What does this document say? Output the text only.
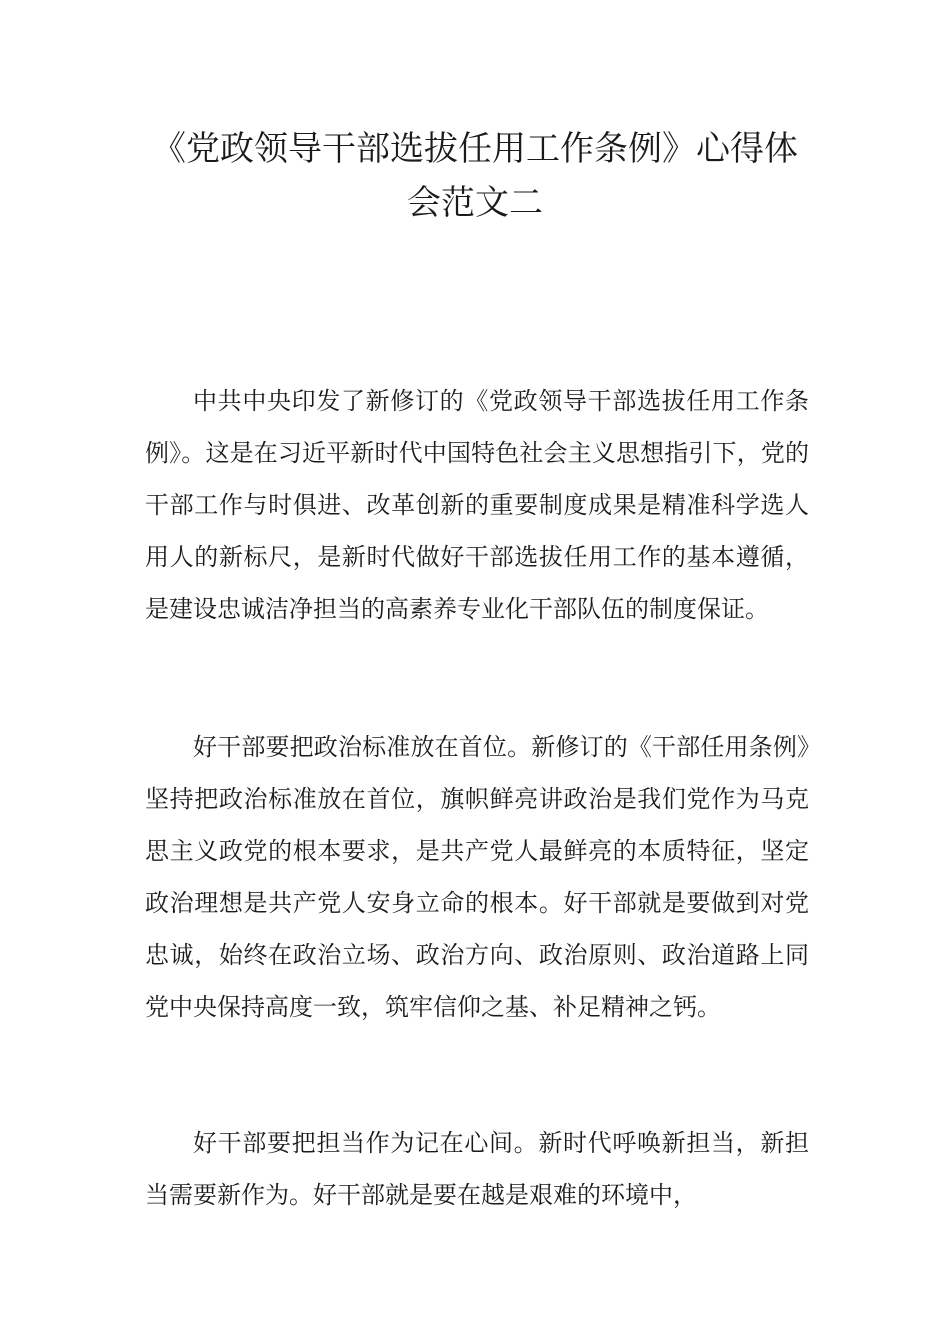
《党政领导干部选拔任用工作条例》心得体会范文二

中共中央印发了新修订的《党政领导干部选拔任用工作条例》。这是在习近平新时代中国特色社会主义思想指引下，党的干部工作与时俱进、改革创新的重要制度成果是精准科学选人用人的新标尺，是新时代做好干部选拔任用工作的基本遵循，是建设忠诚洁净担当的高素养专业化干部队伍的制度保证。

好干部要把政治标准放在首位。新修订的《干部任用条例》坚持把政治标准放在首位，旗帜鲜亮讲政治是我们党作为马克思主义政党的根本要求，是共产党人最鲜亮的本质特征，坚定政治理想是共产党人安身立命的根本。好干部就是要做到对党忠诚，始终在政治立场、政治方向、政治原则、政治道路上同党中央保持高度一致，筑牢信仰之基、补足精神之钙。

好干部要把担当作为记在心间。新时代呼唤新担当，新担当需要新作为。好干部就是要在越是艰难的环境中，
